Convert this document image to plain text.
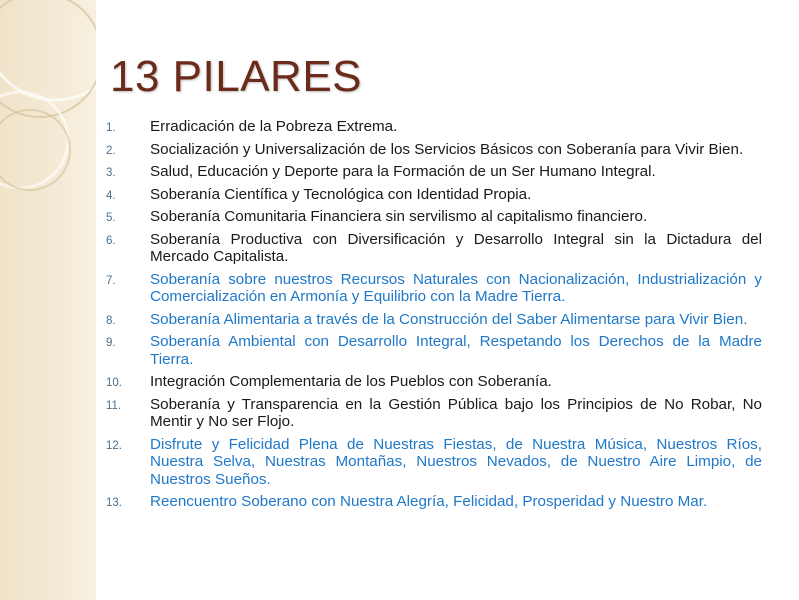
13 PILARES
1.	Erradicación de la Pobreza Extrema.
2.	Socialización y Universalización de los Servicios Básicos con Soberanía para Vivir Bien.
3.	Salud, Educación y Deporte para la Formación de un Ser Humano Integral.
4.	Soberanía Científica y Tecnológica con Identidad Propia.
5.	Soberanía Comunitaria Financiera sin servilismo al capitalismo financiero.
6.	Soberanía Productiva con Diversificación y Desarrollo Integral sin la Dictadura del Mercado Capitalista.
7.	Soberanía sobre nuestros Recursos Naturales con Nacionalización, Industrialización y Comercialización en Armonía y Equilibrio con la Madre Tierra.
8.	Soberanía Alimentaria a través de la Construcción del Saber Alimentarse para Vivir Bien.
9.	Soberanía Ambiental con Desarrollo Integral, Respetando los Derechos de la Madre Tierra.
10.	Integración Complementaria de los Pueblos con Soberanía.
11.	Soberanía y Transparencia en la Gestión Pública bajo los Principios de No Robar, No Mentir y No ser Flojo.
12.	Disfrute y Felicidad Plena de Nuestras Fiestas, de Nuestra Música, Nuestros Ríos, Nuestra Selva, Nuestras Montañas, Nuestros Nevados, de Nuestro Aire Limpio, de Nuestros Sueños.
13.	Reencuentro Soberano con Nuestra Alegría, Felicidad, Prosperidad y Nuestro Mar.
